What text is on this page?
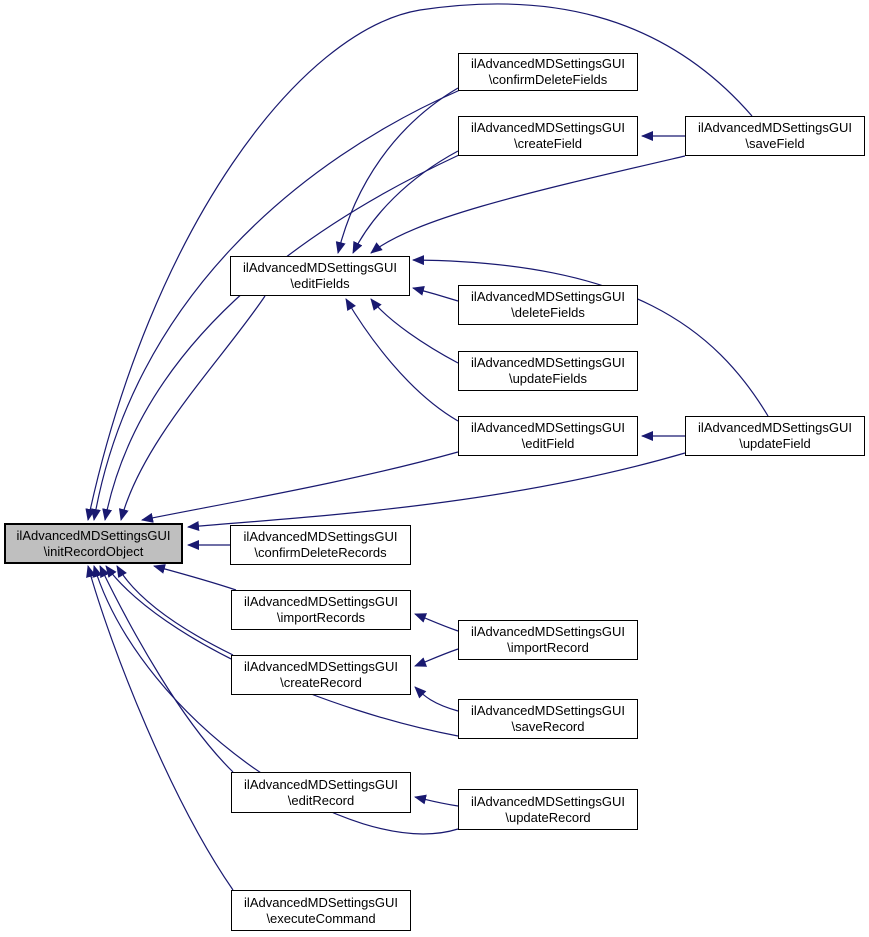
ilAdvancedMDSettingsGUI
\initRecordObject
ilAdvancedMDSettingsGUI
\confirmDeleteFields
ilAdvancedMDSettingsGUI
\createField
ilAdvancedMDSettingsGUI
\saveField
ilAdvancedMDSettingsGUI
\editFields
ilAdvancedMDSettingsGUI
\deleteFields
ilAdvancedMDSettingsGUI
\updateFields
ilAdvancedMDSettingsGUI
\editField
ilAdvancedMDSettingsGUI
\updateField
ilAdvancedMDSettingsGUI
\confirmDeleteRecords
ilAdvancedMDSettingsGUI
\importRecords
ilAdvancedMDSettingsGUI
\importRecord
ilAdvancedMDSettingsGUI
\createRecord
ilAdvancedMDSettingsGUI
\saveRecord
ilAdvancedMDSettingsGUI
\editRecord	ilAdvancedMDSettingsGUI
\updateRecord
ilAdvancedMDSettingsGUI
\executeCommand
